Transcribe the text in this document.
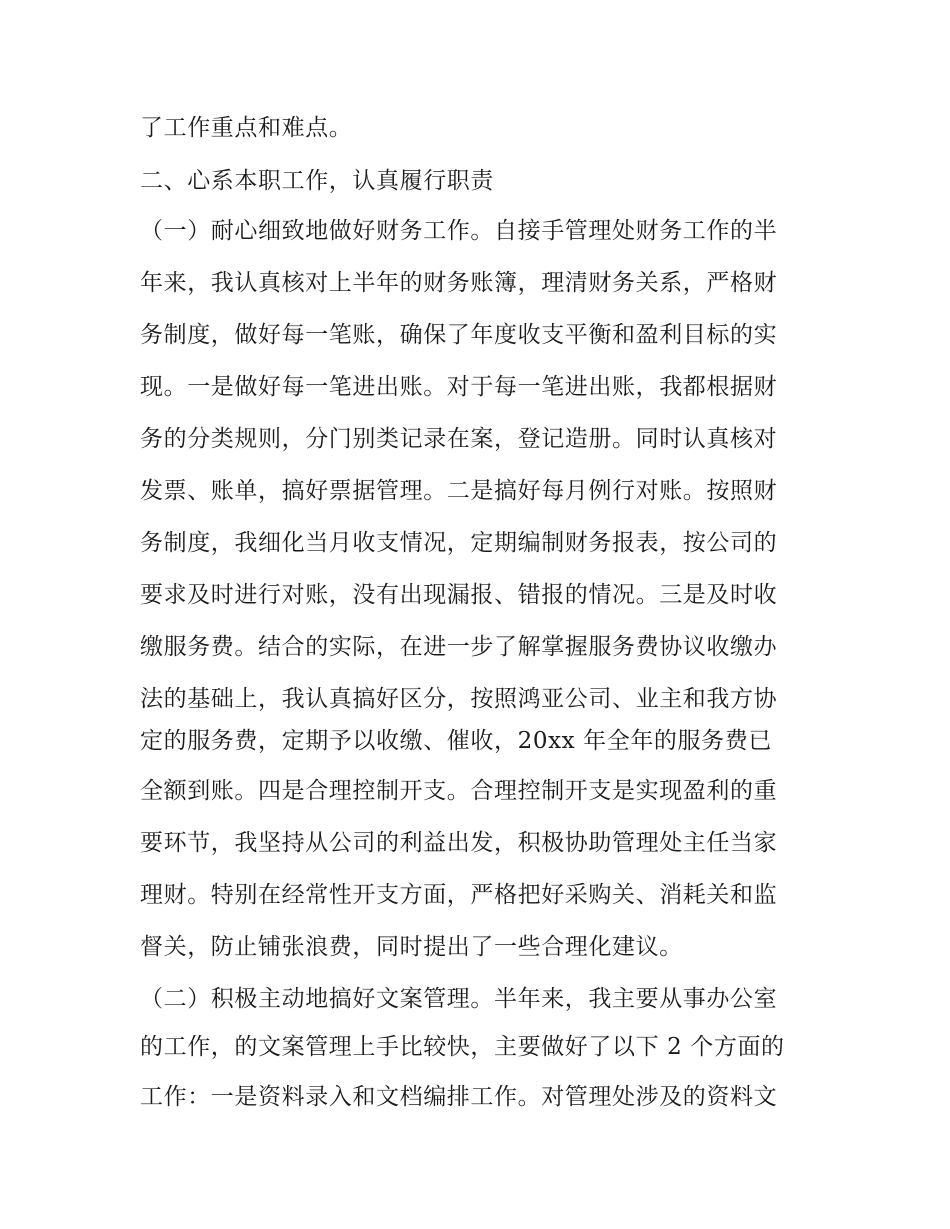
了工作重点和难点。

二、心系本职工作，认真履行职责

（一）耐心细致地做好财务工作。自接手管理处财务工作的半

年来，我认真核对上半年的财务账簿，理清财务关系，严格财

务制度，做好每一笔账，确保了年度收支平衡和盈利目标的实

现。一是做好每一笔进出账。对于每一笔进出账，我都根据财

务的分类规则，分门别类记录在案，登记造册。同时认真核对

发票、账单，搞好票据管理。二是搞好每月例行对账。按照财

务制度，我细化当月收支情况，定期编制财务报表，按公司的

要求及时进行对账，没有出现漏报、错报的情况。三是及时收

缴服务费。结合的实际，在进一步了解掌握服务费协议收缴办

法的基础上，我认真搞好区分，按照鸿亚公司、业主和我方协

定的服务费，定期予以收缴、催收，20xx 年全年的服务费已

全额到账。四是合理控制开支。合理控制开支是实现盈利的重

要环节，我坚持从公司的利益出发，积极协助管理处主任当家

理财。特别在经常性开支方面，严格把好采购关、消耗关和监

督关，防止铺张浪费，同时提出了一些合理化建议。

（二）积极主动地搞好文案管理。半年来，我主要从事办公室

的工作，的文案管理上手比较快，主要做好了以下 2 个方面的

工作：一是资料录入和文档编排工作。对管理处涉及的资料文
